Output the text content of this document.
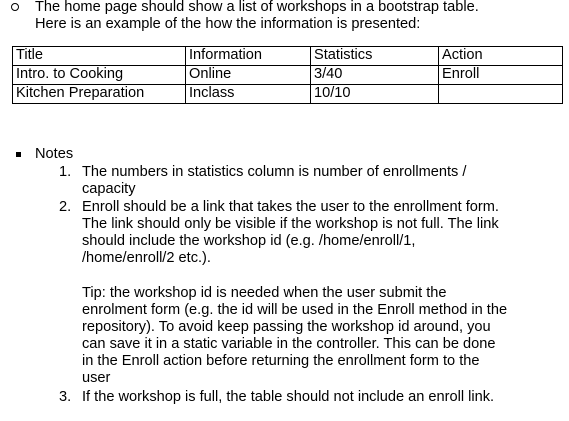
The home page should show a list of workshops in a bootstrap table.
Here is an example of the how the information is presented:
Title	Information	Statistics	Action
Intro. to Cooking	Online	3/40	Enroll
Kitchen Preparation	Inclass	10/10	
Notes
1. The numbers in statistics column is number of enrollments /
capacity
2. Enroll should be a link that takes the user to the enrollment form.
The link should only be visible if the workshop is not full. The link
should include the workshop id (e.g. /home/enroll/1,
/home/enroll/2 etc.).
Tip: the workshop id is needed when the user submit the
enrolment form (e.g. the id will be used in the Enroll method in the
repository). To avoid keep passing the workshop id around, you
can save it in a static variable in the controller. This can be done
in the Enroll action before returning the enrollment form to the
user
3. If the workshop is full, the table should not include an enroll link.
